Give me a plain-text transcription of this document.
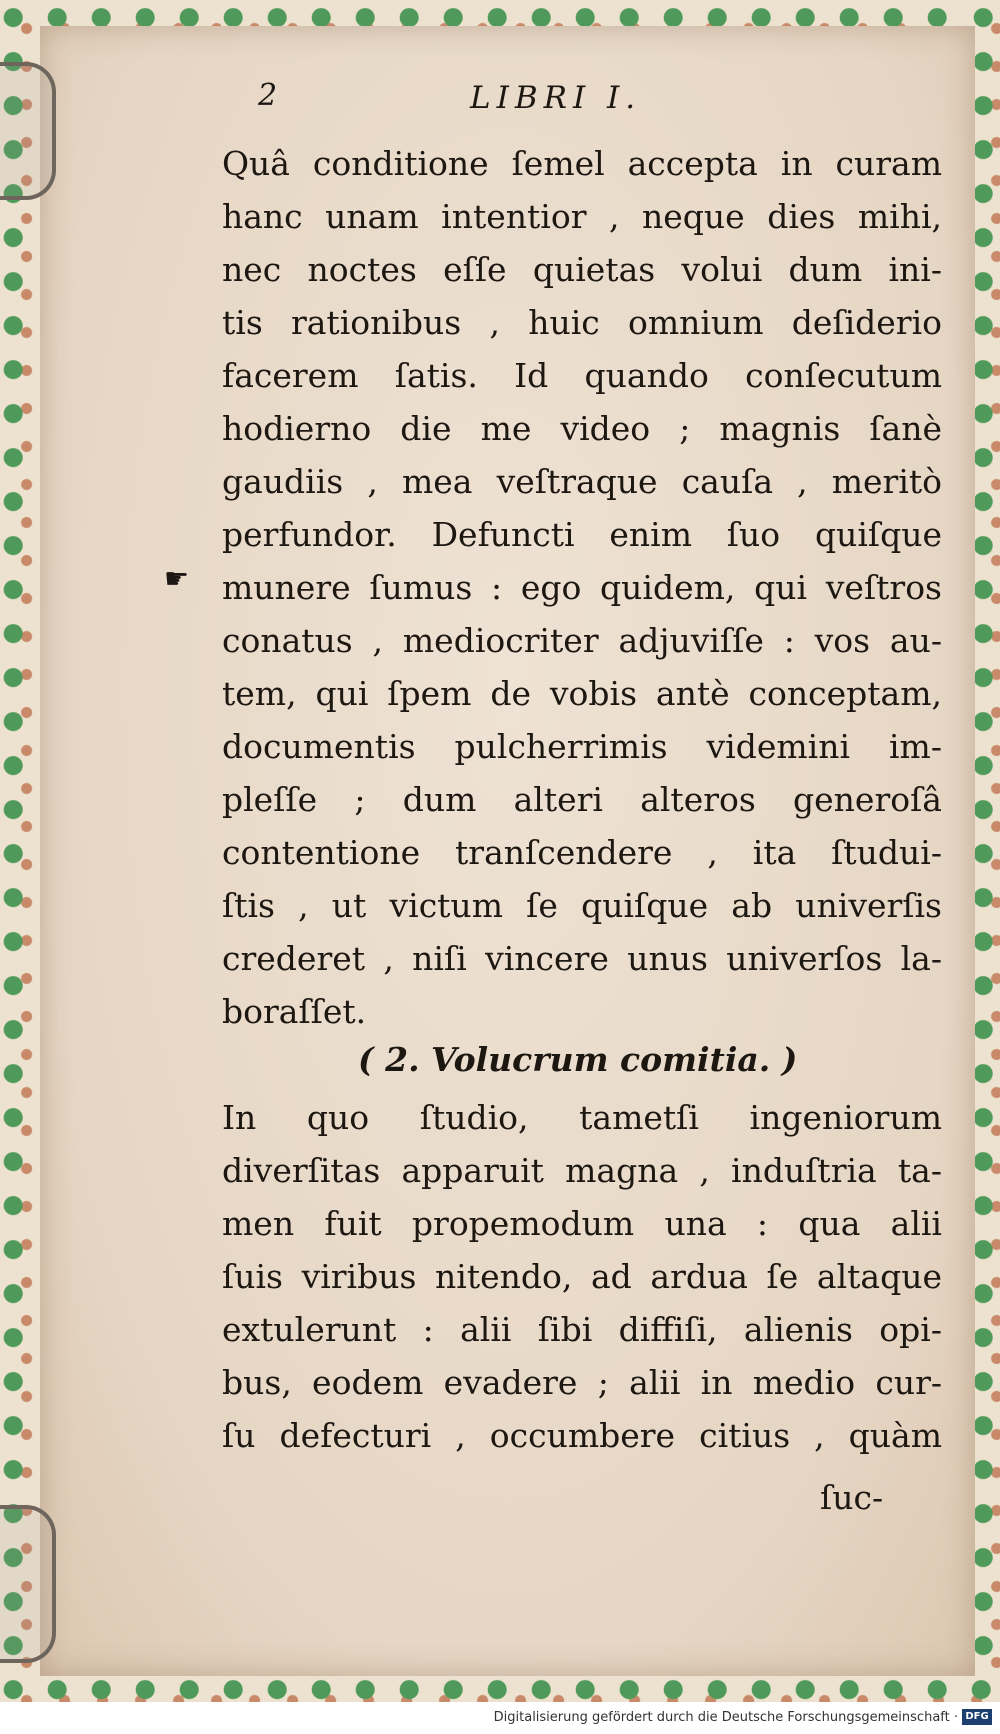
2	LIBRI I.
Quâ conditione ſemel accepta in curam
hanc unam intentior , neque dies mihi,
nec noctes eſſe quietas volui dum ini-
tis rationibus , huic omnium deſiderio
facerem ſatis. Id quando conſecutum
hodierno die me video ; magnis ſanè
gaudiis , mea veſtraque cauſa , meritò
perfundor. Defuncti enim ſuo quiſque
☛ munere ſumus : ego quidem, qui veſtros
conatus , mediocriter adjuviſſe : vos au-
tem, qui ſpem de vobis antè conceptam,
documentis pulcherrimis videmini im-
pleſſe ; dum alteri alteros generoſâ
contentione tranſcendere , ita ſtudui-
ſtis , ut victum ſe quiſque ab univerſis
crederet , niſi vincere unus univerſos la-
boraſſet.
( 2. Volucrum comitia. )
In quo ſtudio, tametſi ingeniorum
diverſitas apparuit magna , induſtria ta-
men fuit propemodum una : qua alii
ſuis viribus nitendo, ad ardua ſe altaque
extulerunt : alii ſibi diffiſi, alienis opi-
bus, eodem evadere ; alii in medio cur-
ſu defecturi , occumbere citius , quàm
ſuc-
Digitalisierung gefördert durch die Deutsche Forschungsgemeinschaft · DFG
